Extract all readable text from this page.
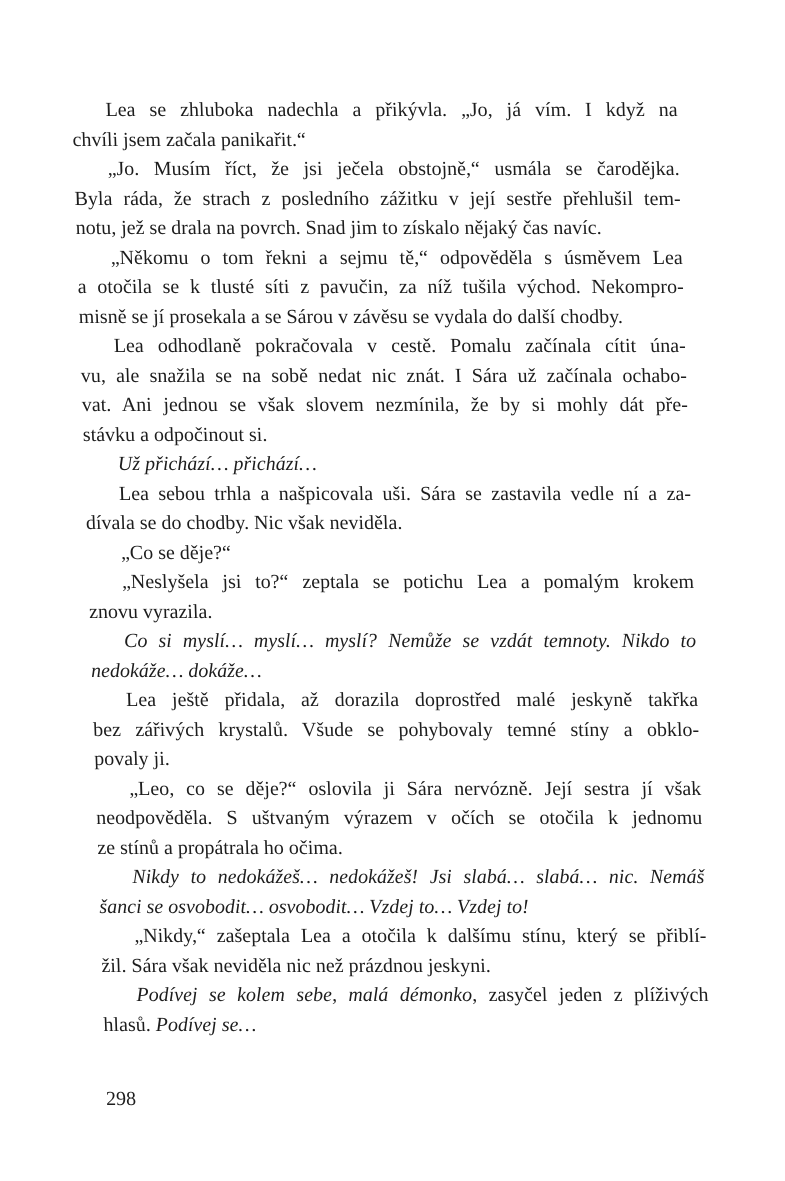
Lea se zhluboka nadechla a přikývla. „Jo, já vím. I když na
chvíli jsem začala panikařit.“
„Jo. Musím říct, že jsi ječela obstojně,“ usmála se čarodějka.
Byla ráda, že strach z posledního zážitku v její sestře přehlušil tem-
notu, jež se drala na povrch. Snad jim to získalo nějaký čas navíc.
„Někomu o tom řekni a sejmu tě,“ odpověděla s úsměvem Lea
a otočila se k tlusté síti z pavučin, za níž tušila východ. Nekompro-
misně se jí prosekala a se Sárou v závěsu se vydala do další chodby.
Lea odhodlaně pokračovala v cestě. Pomalu začínala cítit úna-
vu, ale snažila se na sobě nedat nic znát. I Sára už začínala ochabo-
vat. Ani jednou se však slovem nezmínila, že by si mohly dát pře-
stávku a odpočinout si.
Už přichází… přichází…
Lea sebou trhla a našpicovala uši. Sára se zastavila vedle ní a za-
dívala se do chodby. Nic však neviděla.
„Co se děje?“
„Neslyšela jsi to?“ zeptala se potichu Lea a pomalým krokem
znovu vyrazila.
Co si myslí… myslí… myslí? Nemůže se vzdát temnoty. Nikdo to
nedokáže… dokáže…
Lea ještě přidala, až dorazila doprostřed malé jeskyně takřka
bez zářivých krystalů. Všude se pohybovaly temné stíny a obklo-
povaly ji.
„Leo, co se děje?“ oslovila ji Sára nervózně. Její sestra jí však
neodpověděla. S uštvaným výrazem v očích se otočila k jednomu
ze stínů a propátrala ho očima.
Nikdy to nedokážeš… nedokážeš! Jsi slabá… slabá… nic. Nemáš
šanci se osvobodit… osvobodit… Vzdej to… Vzdej to!
„Nikdy,“ zašeptala Lea a otočila k dalšímu stínu, který se přiblí-
žil. Sára však neviděla nic než prázdnou jeskyni.
Podívej se kolem sebe, malá démonko, zasyčel jeden z plíživých
hlasů. Podívej se…
298
